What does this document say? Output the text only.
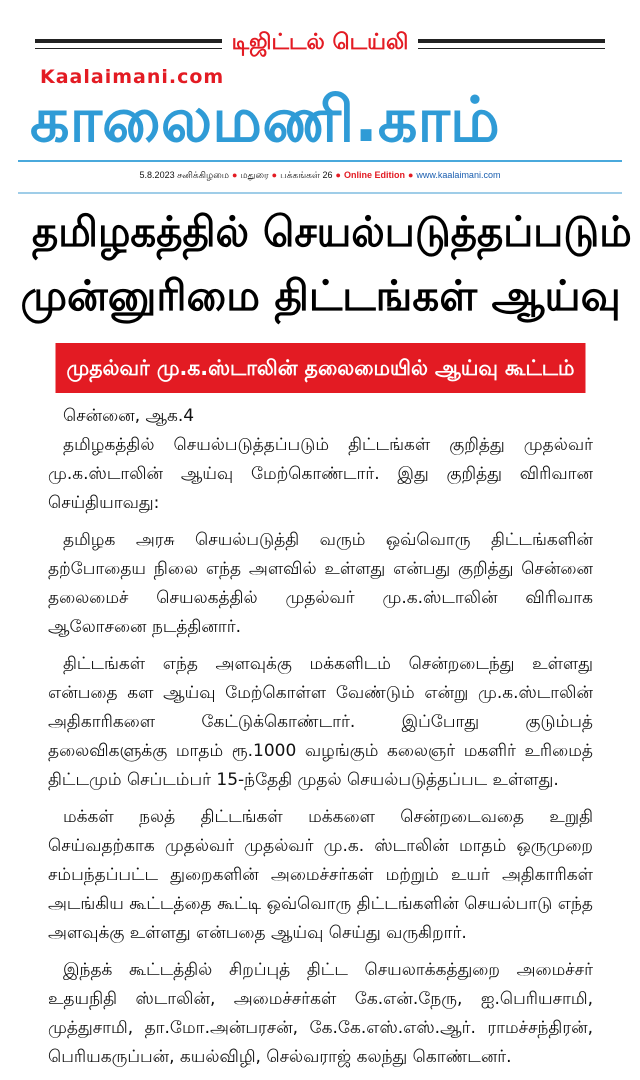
டிஜிட்டல் டெய்லி
Kaalaimani.com
காலைமணி.காம்
5.8.2023 சனிக்கிழமை ● மதுரை ● பக்கங்கள் 26 ● Online Edition ● www.kaalaimani.com
தமிழகத்தில் செயல்படுத்தப்படும்
முன்னுரிமை திட்டங்கள் ஆய்வு
முதல்வர் மு.க.ஸ்டாலின் தலைமையில் ஆய்வு கூட்டம்

சென்னை, ஆக.4

தமிழகத்தில் செயல்படுத்தப்படும் திட்டங்கள் குறித்து முதல்வர் மு.க.ஸ்டாலின் ஆய்வு மேற்கொண்டார். இது குறித்து விரிவான செய்தியாவது:

தமிழக அரசு செயல்படுத்தி வரும் ஒவ்வொரு திட்டங்களின் தற்போதைய நிலை எந்த அளவில் உள்ளது என்பது குறித்து சென்னை தலைமைச் செயலகத்தில் முதல்வர் மு.க.ஸ்டாலின் விரிவாக ஆலோசனை நடத்தினார்.

திட்டங்கள் எந்த அளவுக்கு மக்களிடம் சென்றடைந்து உள்ளது என்பதை கள ஆய்வு மேற்கொள்ள வேண்டும் என்று மு.க.ஸ்டாலின் அதிகாரிகளை கேட்டுக்கொண்டார். இப்போது குடும்பத் தலைவிகளுக்கு மாதம் ரூ.1000 வழங்கும் கலைஞர் மகளிர் உரிமைத் திட்டமும் செப்டம்பர் 15-ந்தேதி முதல் செயல்படுத்தப்பட உள்ளது.

மக்கள் நலத் திட்டங்கள் மக்களை சென்றடைவதை உறுதி செய்வதற்காக முதல்வர் முதல்வர் மு.க. ஸ்டாலின் மாதம் ஒருமுறை சம்பந்தப்பட்ட துறைகளின் அமைச்சர்கள் மற்றும் உயர் அதிகாரிகள் அடங்கிய கூட்டத்தை கூட்டி ஒவ்வொரு திட்டங்களின் செயல்பாடு எந்த அளவுக்கு உள்ளது என்பதை ஆய்வு செய்து வருகிறார்.

இந்தக் கூட்டத்தில் சிறப்புத் திட்ட செயலாக்கத்துறை அமைச்சர் உதயநிதி ஸ்டாலின், அமைச்சர்கள் கே.என்.நேரு, ஐ.பெரியசாமி, முத்துசாமி, தா.மோ.அன்பரசன், கே.கே.எஸ்.எஸ்.ஆர். ராமச்சந்திரன், பெரியகருப்பன், கயல்விழி, செல்வராஜ் கலந்து கொண்டனர்.
